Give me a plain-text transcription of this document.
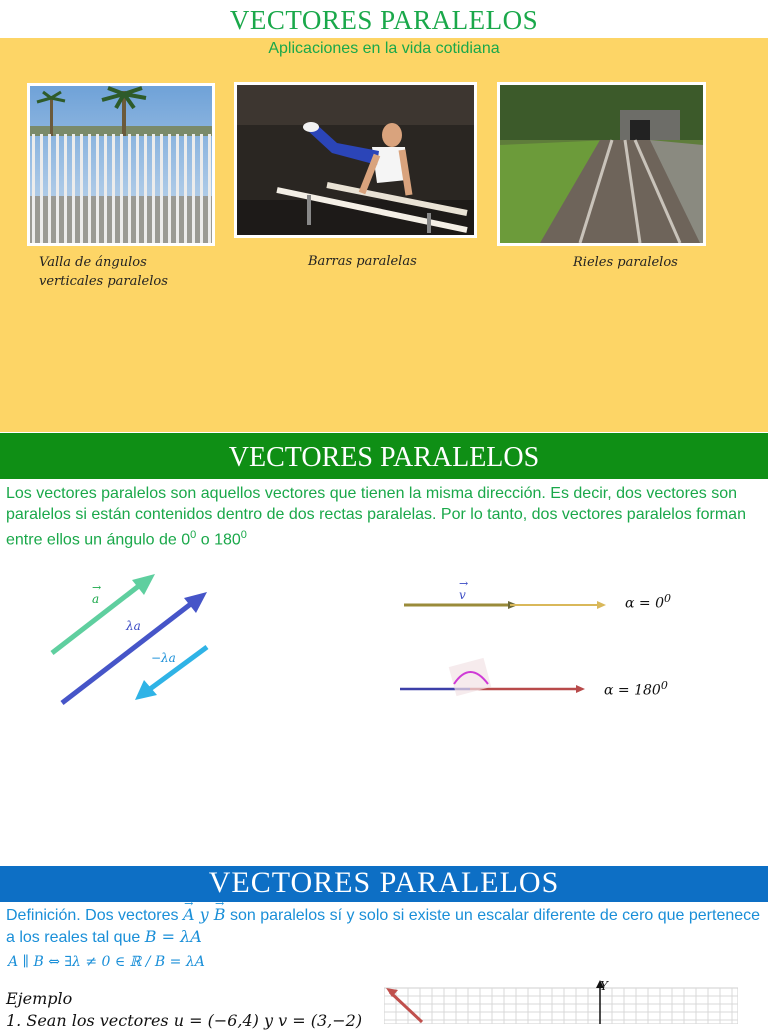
VECTORES PARALELOS
Aplicaciones en la vida cotidiana
Valla de ángulos
verticales paralelos
Barras paralelas	Rieles paralelos
VECTORES PARALELOS
Los vectores paralelos son aquellos vectores que tienen la misma dirección. Es decir, dos vectores son paralelos si están contenidos dentro de dos rectas paralelas. Por lo tanto, dos vectores paralelos forman entre ellos un ángulo de $0^0$ o $180^0$
→ a
λa
−λa
→ v
$\alpha = 0^0$
$\alpha = 180^0$
VECTORES PARALELOS
Definición. Dos vectores → A y → B son paralelos sí y solo si existe un escalar diferente de cero que pertenece a los reales tal que B = λA
A ∥ B ⇔ ∃λ ≠ 0 ∈ ℝ / B = λA
Ejemplo
1. Sean los vectores u = (−6,4) y v = (3,−2)
Y
